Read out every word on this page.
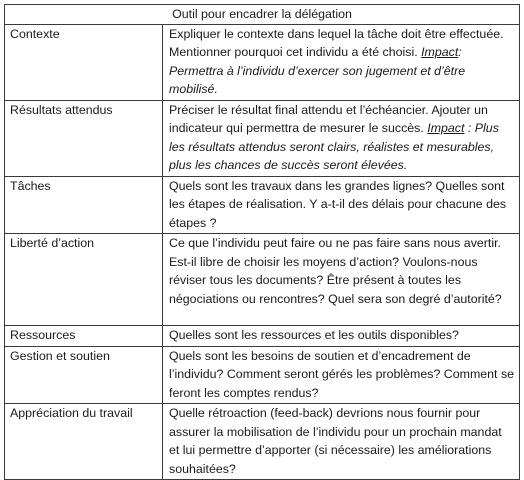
Outil pour encadrer la délégation	
Contexte	Expliquer le contexte dans lequel la tâche doit être effectuée. Mentionner pourquoi cet individu a été choisi. Impact: Permettra à l’individu d’exercer son jugement et d’être mobilisé.
Résultats attendus	Préciser le résultat final attendu et l’échéancier. Ajouter un indicateur qui permettra de mesurer le succès. Impact : Plus les résultats attendus seront clairs, réalistes et mesurables, plus les chances de succès seront élevées.
Tâches	Quels sont les travaux dans les grandes lignes? Quelles sont les étapes de réalisation. Y a-t-il des délais pour chacune des étapes ?
Liberté d’action	Ce que l’individu peut faire ou ne pas faire sans nous avertir. Est-il libre de choisir les moyens d’action? Voulons-nous réviser tous les documents? Être présent à toutes les négociations ou rencontres? Quel sera son degré d’autorité?
Ressources	Quelles sont les ressources et les outils disponibles?
Gestion et soutien	Quels sont les besoins de soutien et d’encadrement de l’individu? Comment seront gérés les problèmes? Comment se feront les comptes rendus?
Appréciation du travail	Quelle rétroaction (feed-back) devrions nous fournir pour assurer la mobilisation de l’individu pour un prochain mandat et lui permettre d’apporter (si nécessaire) les améliorations souhaitées?
